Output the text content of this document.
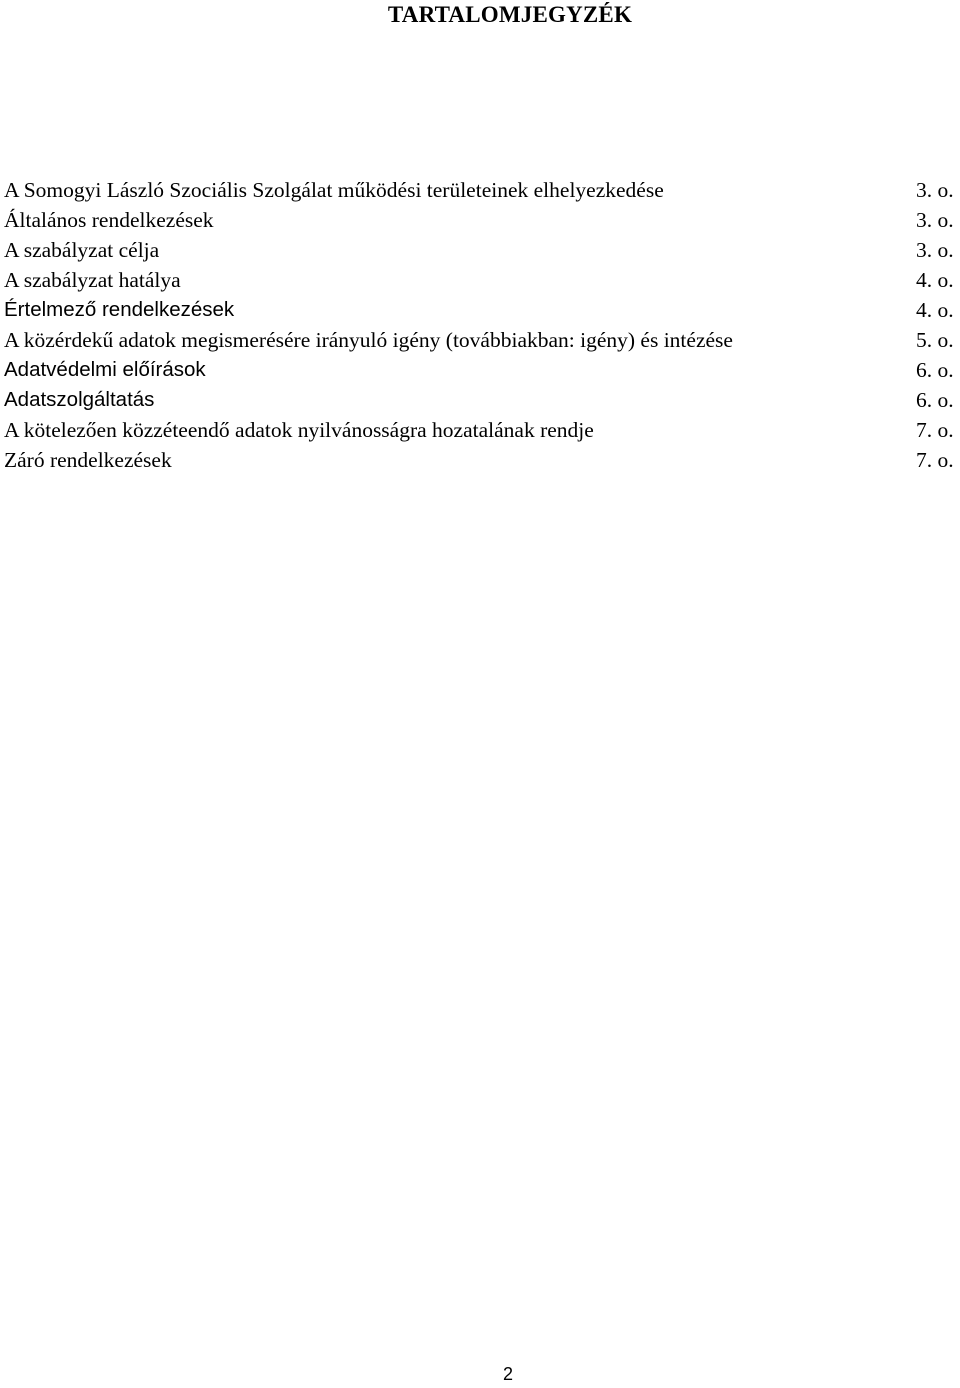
TARTALOMJEGYZÉK
A Somogyi László Szociális Szolgálat működési területeinek elhelyezkedése	3. o.
Általános rendelkezések	3. o.
A szabályzat célja	3. o.
A szabályzat hatálya	4. o.
Értelmező rendelkezések	4. o.
A közérdekű adatok megismerésére irányuló igény (továbbiakban: igény) és intézése	5. o.
Adatvédelmi előírások	6. o.
Adatszolgáltatás	6. o.
A kötelezően közzéteendő adatok nyilvánosságra hozatalának rendje	7. o.
Záró rendelkezések	7. o.
2
